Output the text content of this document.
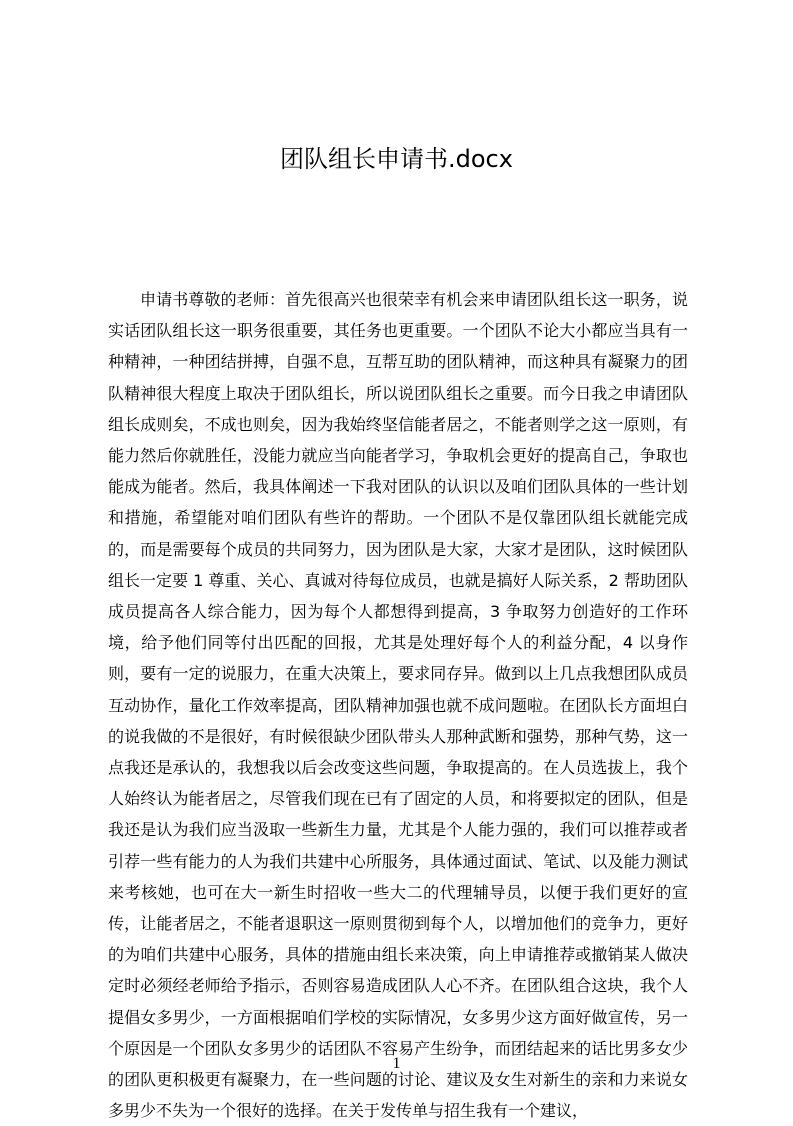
团队组长申请书.docx

申请书尊敬的老师：首先很高兴也很荣幸有机会来申请团队组长这一职务，说实话团队组长这一职务很重要，其任务也更重要。一个团队不论大小都应当具有一种精神，一种团结拼搏，自强不息，互帮互助的团队精神，而这种具有凝聚力的团队精神很大程度上取决于团队组长，所以说团队组长之重要。而今日我之申请团队组长成则矣，不成也则矣，因为我始终坚信能者居之，不能者则学之这一原则，有能力然后你就胜任，没能力就应当向能者学习，争取机会更好的提高自己，争取也能成为能者。然后，我具体阐述一下我对团队的认识以及咱们团队具体的一些计划和措施，希望能对咱们团队有些许的帮助。一个团队不是仅靠团队组长就能完成的，而是需要每个成员的共同努力，因为团队是大家，大家才是团队，这时候团队组长一定要 1 尊重、关心、真诚对待每位成员，也就是搞好人际关系，2 帮助团队成员提高各人综合能力，因为每个人都想得到提高，3 争取努力创造好的工作环境，给予他们同等付出匹配的回报，尤其是处理好每个人的利益分配，4 以身作则，要有一定的说服力，在重大决策上，要求同存异。做到以上几点我想团队成员互动协作，量化工作效率提高，团队精神加强也就不成问题啦。在团队长方面坦白的说我做的不是很好，有时候很缺少团队带头人那种武断和强势，那种气势，这一点我还是承认的，我想我以后会改变这些问题，争取提高的。在人员选拔上，我个人始终认为能者居之，尽管我们现在已有了固定的人员，和将要拟定的团队，但是我还是认为我们应当汲取一些新生力量，尤其是个人能力强的，我们可以推荐或者引荐一些有能力的人为我们共建中心所服务，具体通过面试、笔试、以及能力测试来考核她，也可在大一新生时招收一些大二的代理辅导员，以便于我们更好的宣传，让能者居之，不能者退职这一原则贯彻到每个人，以增加他们的竞争力，更好的为咱们共建中心服务，具体的措施由组长来决策，向上申请推荐或撤销某人做决定时必须经老师给予指示，否则容易造成团队人心不齐。在团队组合这块，我个人提倡女多男少，一方面根据咱们学校的实际情况，女多男少这方面好做宣传，另一个原因是一个团队女多男少的话团队不容易产生纷争，而团结起来的话比男多女少的团队更积极更有凝聚力，在一些问题的讨论、建议及女生对新生的亲和力来说女多男少不失为一个很好的选择。在关于发传单与招生我有一个建议，

1
